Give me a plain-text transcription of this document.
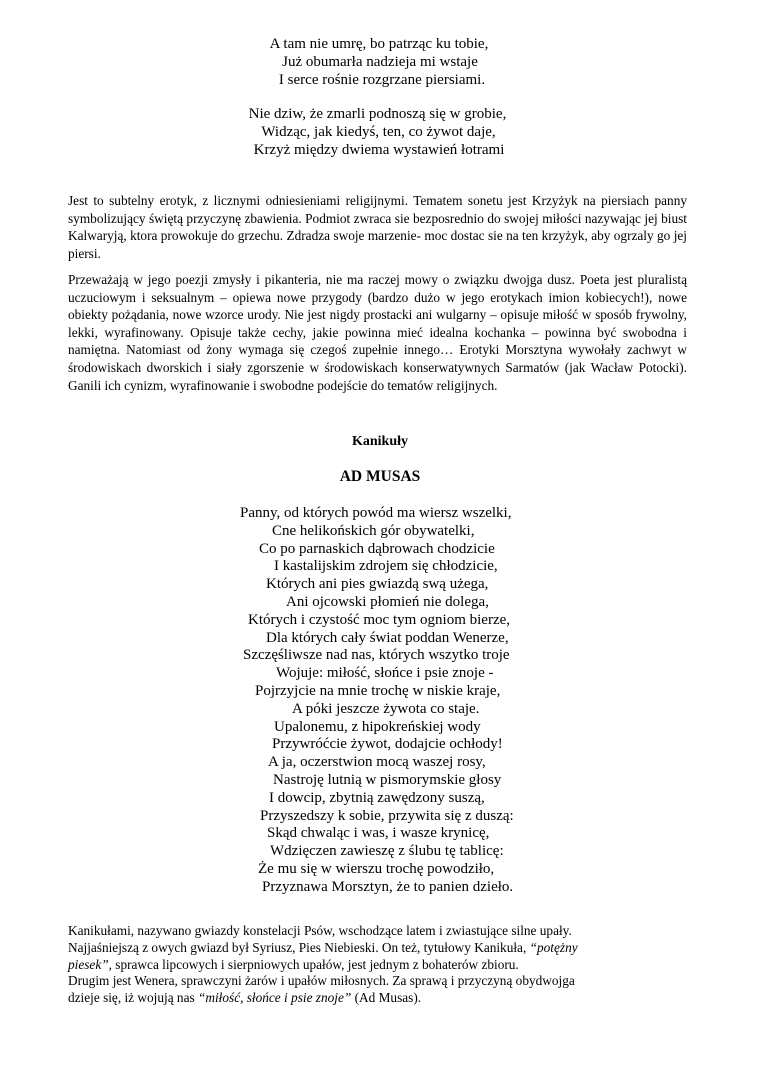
A tam nie umrę, bo patrząc ku tobie,
Już obumarła nadzieja mi wstaje
I serce rośnie rozgrzane piersiami.
Nie dziw, że zmarli podnoszą się w grobie,
Widząc, jak kiedyś, ten, co żywot daje,
Krzyż między dwiema wystawień łotrami
Jest to subtelny erotyk, z licznymi odniesieniami religijnymi. Tematem sonetu jest Krzyżyk na piersiach panny symbolizujący świętą przyczynę zbawienia. Podmiot zwraca sie bezposrednio do swojej miłości nazywając jej biust Kalwaryją, ktora prowokuje do grzechu. Zdradza swoje marzenie- moc dostac sie na ten krzyżyk, aby ogrzaly go jej piersi.
Przeważają w jego poezji zmysły i pikanteria, nie ma raczej mowy o związku dwojga dusz. Poeta jest pluralistą uczuciowym i seksualnym – opiewa nowe przygody (bardzo dużo w jego erotykach imion kobiecych!), nowe obiekty pożądania, nowe wzorce urody. Nie jest nigdy prostacki ani wulgarny – opisuje miłość w sposób frywolny, lekki, wyrafinowany. Opisuje także cechy, jakie powinna mieć idealna kochanka – powinna być swobodna i namiętna. Natomiast od żony wymaga się czegoś zupełnie innego… Erotyki Morsztyna wywołały zachwyt w środowiskach dworskich i siały zgorszenie w środowiskach konserwatywnych Sarmatów (jak Wacław Potocki). Ganili ich cynizm, wyrafinowanie i swobodne podejście do tematów religijnych.
Kanikuły
AD MUSAS
Panny, od których powód ma wiersz wszelki,
Cne helikońskich gór obywatelki,
Co po parnaskich dąbrowach chodzicie
I kastalijskim zdrojem się chłodzicie,
Których ani pies gwiazdą swą użega,
Ani ojcowski płomień nie dolega,
Których i czystość moc tym ogniom bierze,
Dla których cały świat poddan Wenerze,
Szczęśliwsze nad nas, których wszytko troje
Wojuje: miłość, słońce i psie znoje -
Pojrzyjcie na mnie trochę w niskie kraje,
A póki jeszcze żywota co staje.
Upalonemu, z hipokreńskiej wody
Przywróćcie żywot, dodajcie ochłody!
A ja, oczerstwion mocą waszej rosy,
Nastroję lutnią w pismorymskie głosy
I dowcip, zbytnią zawędzony suszą,
Przyszedszy k sobie, przywita się z duszą:
Skąd chwaląc i was, i wasze krynicę,
Wdzięczen zawieszę z ślubu tę tablicę:
Że mu się w wierszu trochę powodziło,
Przyznawa Morsztyn, że to panien dzieło.
Kanikułami, nazywano gwiazdy konstelacji Psów, wschodzące latem i zwiastujące silne upały.
Najjaśniejszą z owych gwiazd był Syriusz, Pies Niebieski. On też, tytułowy Kanikuła, “potężny
piesek”, sprawca lipcowych i sierpniowych upałów, jest jednym z bohaterów zbioru.
Drugim jest Wenera, sprawczyni żarów i upałów miłosnych. Za sprawą i przyczyną obydwojga
dzieje się, iż wojują nas “miłość, słońce i psie znoje” (Ad Musas).
